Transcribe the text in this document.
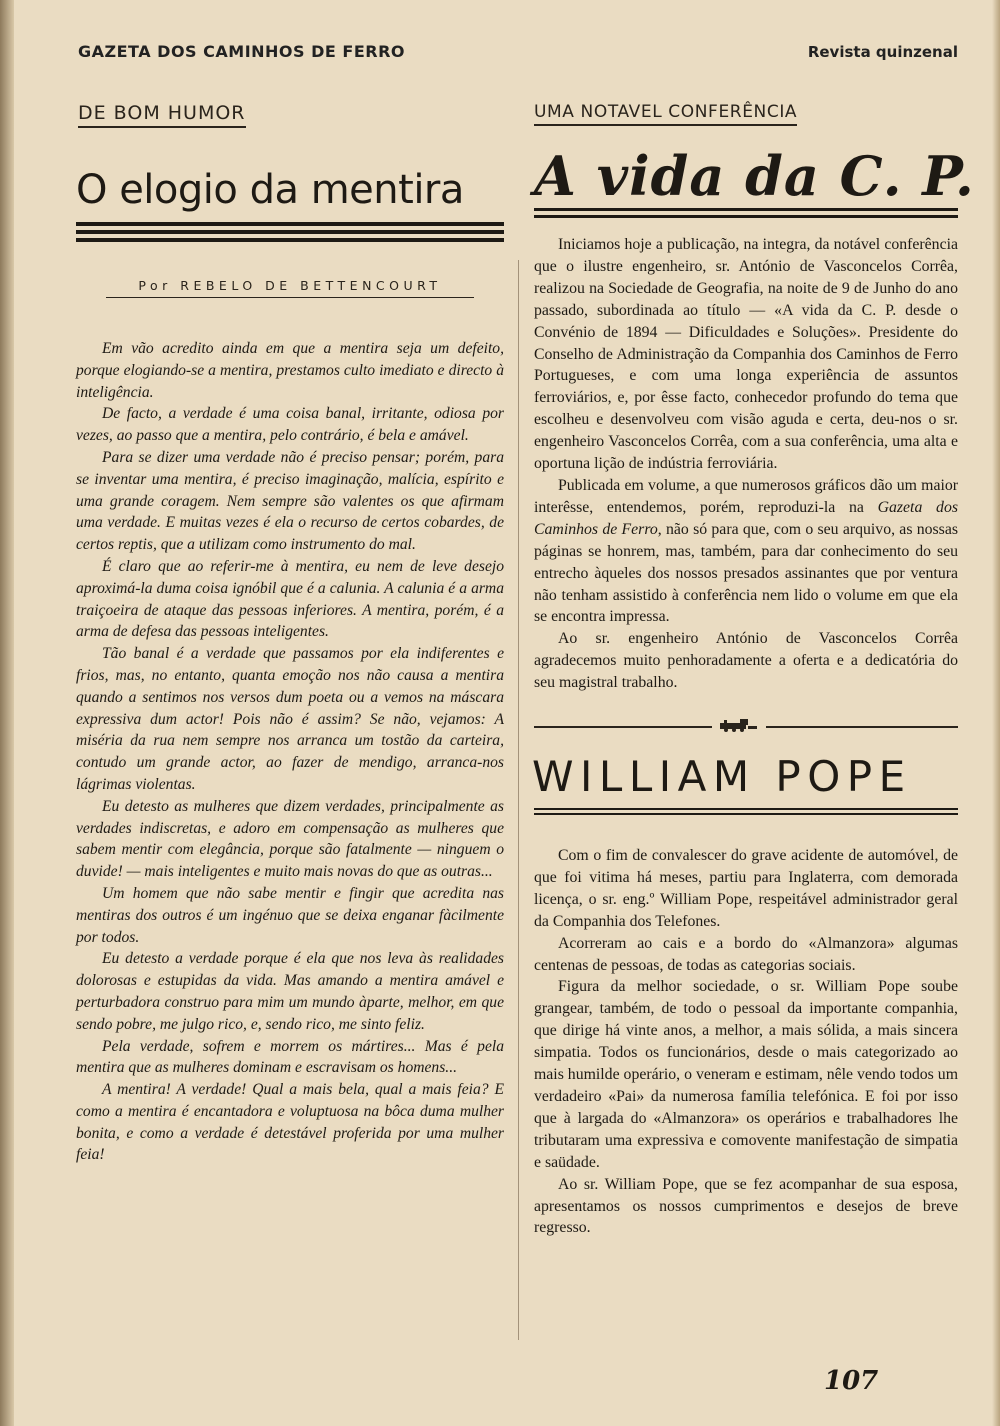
GAZETA DOS CAMINHOS DE FERRO	Revista quinzenal
DE BOM HUMOR
O elogio da mentira
Por REBELO DE BETTENCOURT

Em vão acredito ainda em que a mentira seja um defeito, porque elogiando-se a mentira, prestamos culto imediato e directo à inteligência.

De facto, a verdade é uma coisa banal, irritante, odiosa por vezes, ao passo que a mentira, pelo contrário, é bela e amável.

Para se dizer uma verdade não é preciso pensar; porém, para se inventar uma mentira, é preciso imaginação, malícia, espírito e uma grande coragem. Nem sempre são valentes os que afirmam uma verdade. E muitas vezes é ela o recurso de certos cobardes, de certos reptis, que a utilizam como instrumento do mal.

É claro que ao referir-me à mentira, eu nem de leve desejo aproximá-la duma coisa ignóbil que é a calunia. A calunia é a arma traiçoeira de ataque das pessoas inferiores. A mentira, porém, é a arma de defesa das pessoas inteligentes.

Tão banal é a verdade que passamos por ela indiferentes e frios, mas, no entanto, quanta emoção nos não causa a mentira quando a sentimos nos versos dum poeta ou a vemos na máscara expressiva dum actor! Pois não é assim? Se não, vejamos: A miséria da rua nem sempre nos arranca um tostão da carteira, contudo um grande actor, ao fazer de mendigo, arranca-nos lágrimas violentas.

Eu detesto as mulheres que dizem verdades, principalmente as verdades indiscretas, e adoro em compensação as mulheres que sabem mentir com elegância, porque são fatalmente — ninguem o duvide! — mais inteligentes e muito mais novas do que as outras...

Um homem que não sabe mentir e fingir que acredita nas mentiras dos outros é um ingénuo que se deixa enganar fàcilmente por todos.

Eu detesto a verdade porque é ela que nos leva às realidades dolorosas e estupidas da vida. Mas amando a mentira amável e perturbadora construo para mim um mundo àparte, melhor, em que sendo pobre, me julgo rico, e, sendo rico, me sinto feliz.

Pela verdade, sofrem e morrem os mártires... Mas é pela mentira que as mulheres dominam e escravisam os homens...

A mentira! A verdade! Qual a mais bela, qual a mais feia? E como a mentira é encantadora e voluptuosa na bôca duma mulher bonita, e como a verdade é detestável proferida por uma mulher feia!

UMA NOTAVEL CONFERÊNCIA
A vida da C. P.

Iniciamos hoje a publicação, na integra, da notável conferência que o ilustre engenheiro, sr. António de Vasconcelos Corrêa, realizou na Sociedade de Geografia, na noite de 9 de Junho do ano passado, subordinada ao título — «A vida da C. P. desde o Convénio de 1894 — Dificuldades e Soluções». Presidente do Conselho de Administração da Companhia dos Caminhos de Ferro Portugueses, e com uma longa experiência de assuntos ferroviários, e, por êsse facto, conhecedor profundo do tema que escolheu e desenvolveu com visão aguda e certa, deu-nos o sr. engenheiro Vasconcelos Corrêa, com a sua conferência, uma alta e oportuna lição de indústria ferroviária.

Publicada em volume, a que numerosos gráficos dão um maior interêsse, entendemos, porém, reproduzi-la na Gazeta dos Caminhos de Ferro, não só para que, com o seu arquivo, as nossas páginas se honrem, mas, também, para dar conhecimento do seu entrecho àqueles dos nossos presados assinantes que por ventura não tenham assistido à conferência nem lido o volume em que ela se encontra impressa.

Ao sr. engenheiro António de Vasconcelos Corrêa agradecemos muito penhoradamente a oferta e a dedicatória do seu magistral trabalho.

WILLIAM POPE

Com o fim de convalescer do grave acidente de automóvel, de que foi vitima há meses, partiu para Inglaterra, com demorada licença, o sr. eng.º William Pope, respeitável administrador geral da Companhia dos Telefones.

Acorreram ao cais e a bordo do «Almanzora» algumas centenas de pessoas, de todas as categorias sociais.

Figura da melhor sociedade, o sr. William Pope soube grangear, também, de todo o pessoal da importante companhia, que dirige há vinte anos, a melhor, a mais sólida, a mais sincera simpatia. Todos os funcionários, desde o mais categorizado ao mais humilde operário, o veneram e estimam, nêle vendo todos um verdadeiro «Pai» da numerosa família telefónica. E foi por isso que à largada do «Almanzora» os operários e trabalhadores lhe tributaram uma expressiva e comovente manifestação de simpatia e saüdade.

Ao sr. William Pope, que se fez acompanhar de sua esposa, apresentamos os nossos cumprimentos e desejos de breve regresso.

107
